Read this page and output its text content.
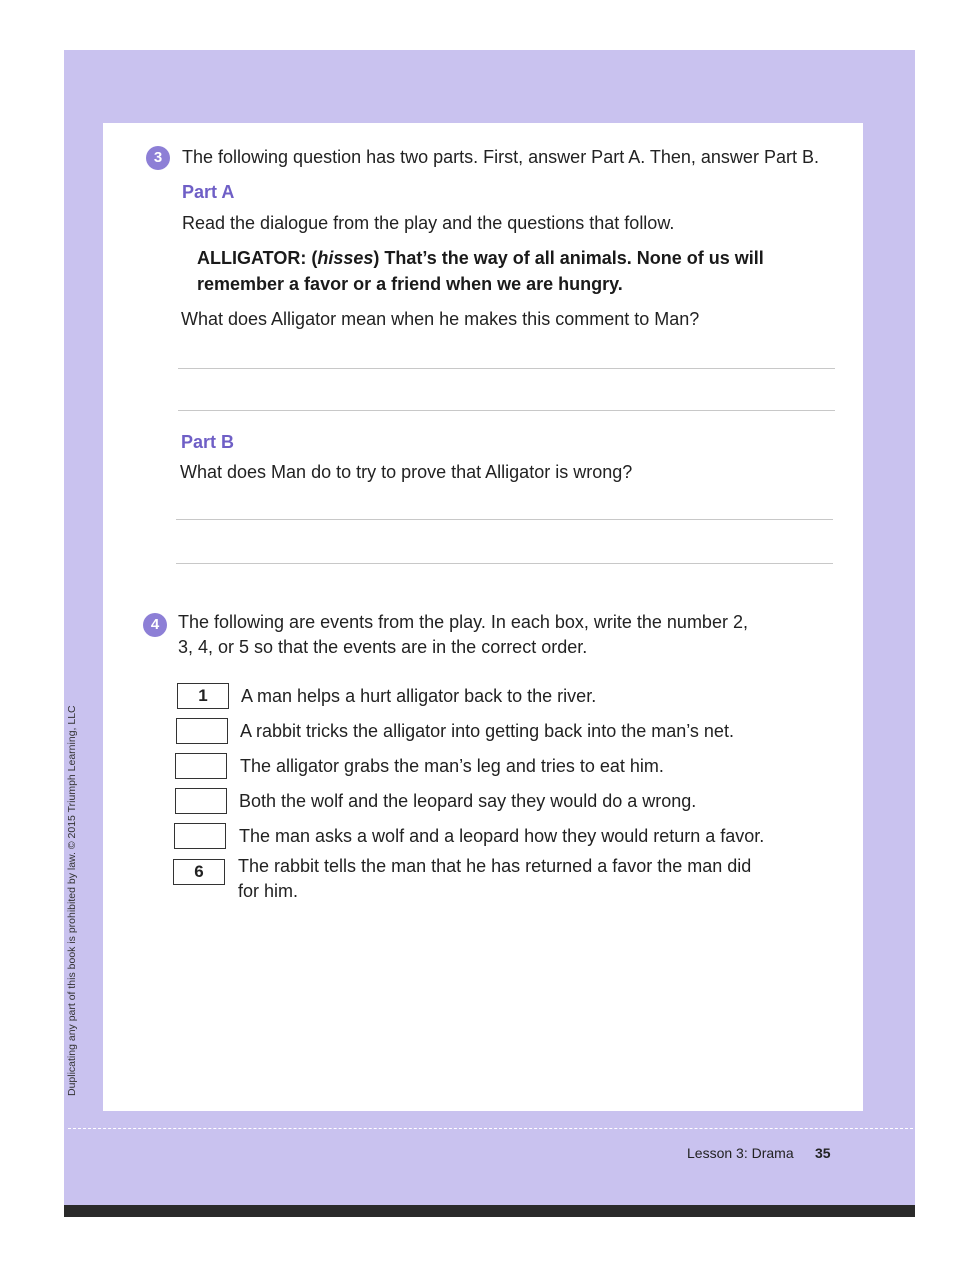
Duplicating any part of this book is prohibited by law. © 2015 Triumph Learning, LLC
3	The following question has two parts. First, answer Part A. Then, answer Part B.
Part A
Read the dialogue from the play and the questions that follow.
ALLIGATOR: (hisses) That’s the way of all animals. None of us will
remember a favor or a friend when we are hungry.
What does Alligator mean when he makes this comment to Man?
Part B
What does Man do to try to prove that Alligator is wrong?
4	The following are events from the play. In each box, write the number 2,
3, 4, or 5 so that the events are in the correct order.
1	A man helps a hurt alligator back to the river.
A rabbit tricks the alligator into getting back into the man’s net.
The alligator grabs the man’s leg and tries to eat him.
Both the wolf and the leopard say they would do a wrong.
The man asks a wolf and a leopard how they would return a favor.
6	The rabbit tells the man that he has returned a favor the man did
for him.
Lesson 3: Drama 35
